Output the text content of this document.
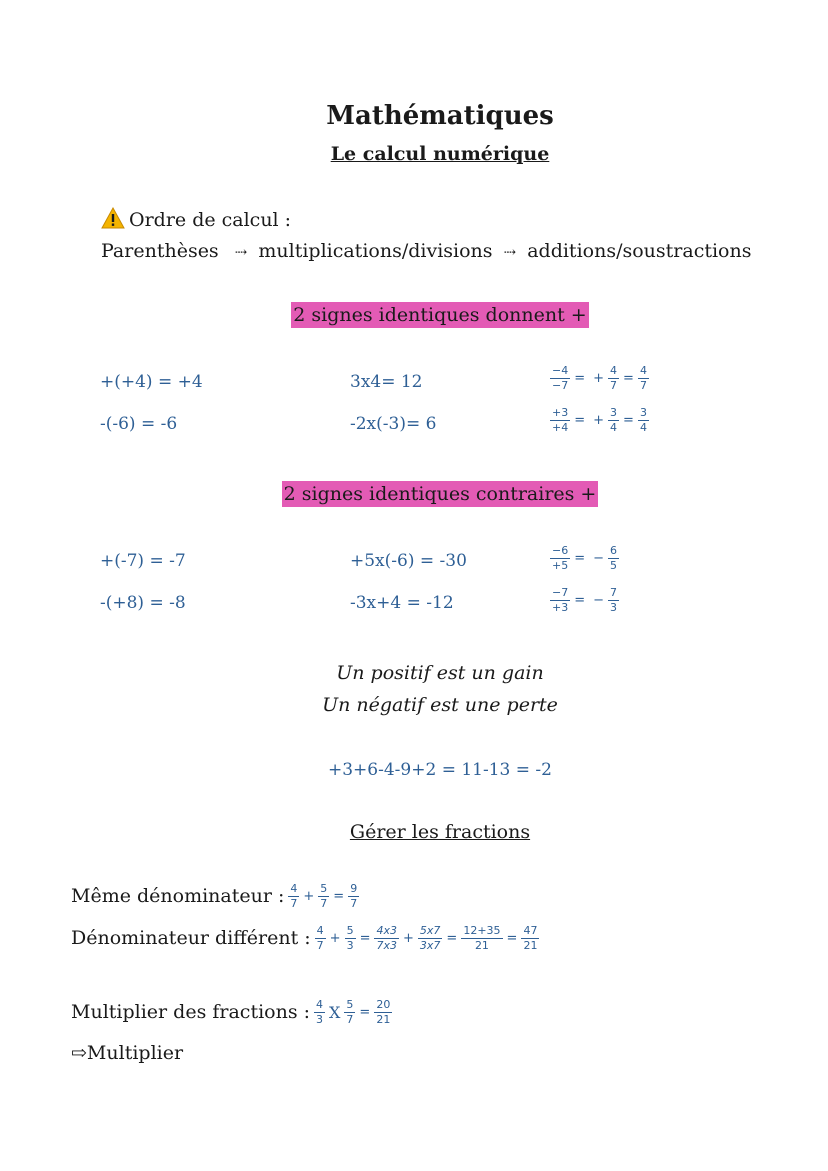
Mathématiques
Le calcul numérique
Ordre de calcul :
Parenthèses ⇢ multiplications/divisions ⇢ additions/soustractions
2 signes identiques donnent +
+(+4) = +4
-(-6) = -6
3x4= 12
-2x(-3)= 6
$\frac{-4}{-7}$ = + $\frac{4}{7} = \frac{4}{7}$
$\frac{+3}{+4}$ = + $\frac{3}{4} = \frac{3}{4}$
2 signes identiques contraires +
+(-7) = -7
-(+8) = -8
+5x(-6) = -30
-3x+4 = -12
$\frac{-6}{+5}$ = − $\frac{6}{5}$
$\frac{-7}{+3}$ = − $\frac{7}{3}$
Un positif est un gain
Un négatif est une perte
+3+6-4-9+2 = 11-13 = -2
Gérer les fractions
Même dénominateur : $\frac{4}{7} + \frac{5}{7} = \frac{9}{7}$
Dénominateur différent : $\frac{4}{7} + \frac{5}{3} = \frac{4x3}{7x3} + \frac{5x7}{3x7} = \frac{12+35}{21} = \frac{47}{21}$
Multiplier des fractions : $\frac{4}{3}$ X $\frac{5}{7} = \frac{20}{21}$
⇨Multiplier
